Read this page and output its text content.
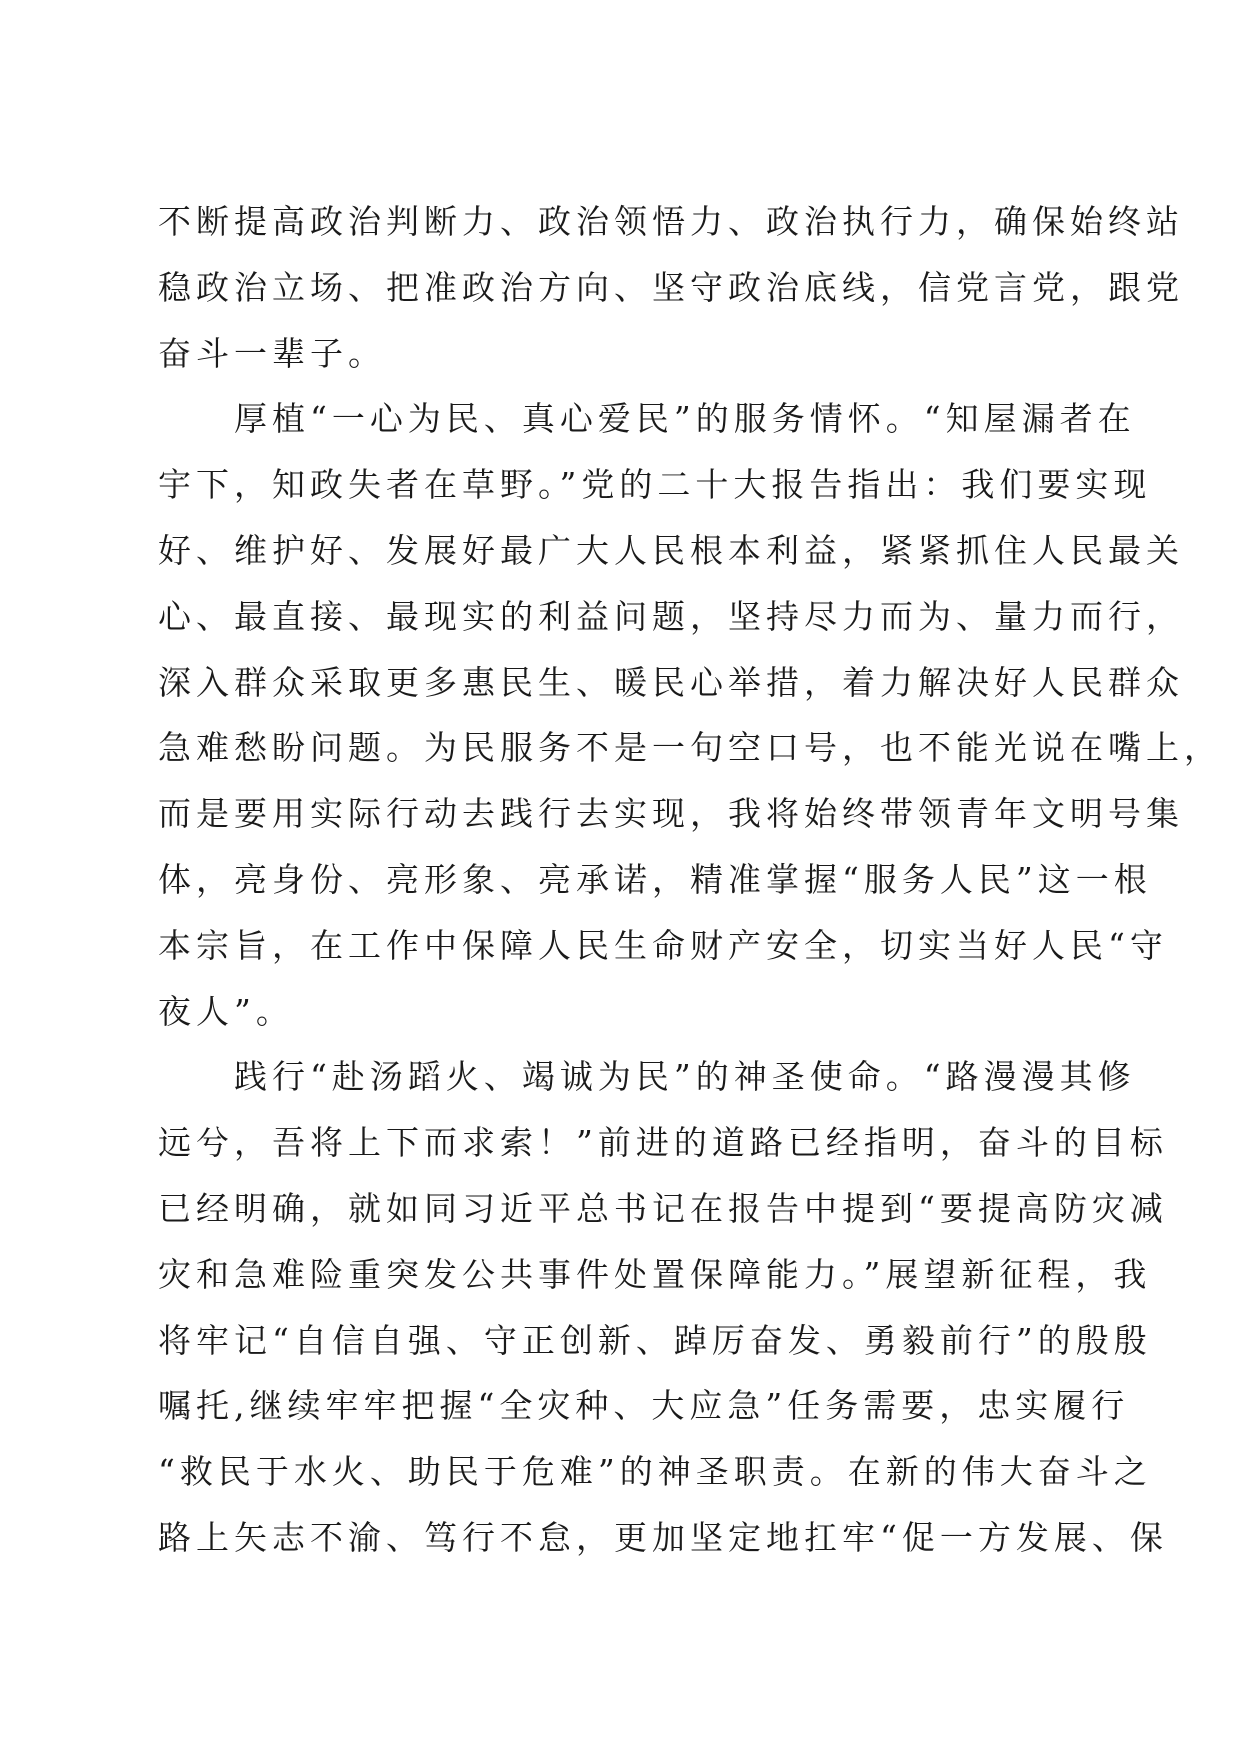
不断提高政治判断力、政治领悟力、政治执行力，确保始终站
稳政治立场、把准政治方向、坚守政治底线，信党言党，跟党
奋斗一辈子。

厚植“一心为民、真心爱民”的服务情怀。“知屋漏者在
宇下，知政失者在草野。”党的二十大报告指出：我们要实现
好、维护好、发展好最广大人民根本利益，紧紧抓住人民最关
心、最直接、最现实的利益问题，坚持尽力而为、量力而行，
深入群众采取更多惠民生、暖民心举措，着力解决好人民群众
急难愁盼问题。为民服务不是一句空口号，也不能光说在嘴上，
而是要用实际行动去践行去实现，我将始终带领青年文明号集
体，亮身份、亮形象、亮承诺，精准掌握“服务人民”这一根
本宗旨，在工作中保障人民生命财产安全，切实当好人民“守
夜人”。

践行“赴汤蹈火、竭诚为民”的神圣使命。“路漫漫其修
远兮，吾将上下而求索！”前进的道路已经指明，奋斗的目标
已经明确，就如同习近平总书记在报告中提到“要提高防灾减
灾和急难险重突发公共事件处置保障能力。”展望新征程，我
将牢记“自信自强、守正创新、踔厉奋发、勇毅前行”的殷殷
嘱托,继续牢牢把握“全灾种、大应急”任务需要，忠实履行
“救民于水火、助民于危难”的神圣职责。在新的伟大奋斗之
路上矢志不渝、笃行不怠，更加坚定地扛牢“促一方发展、保
